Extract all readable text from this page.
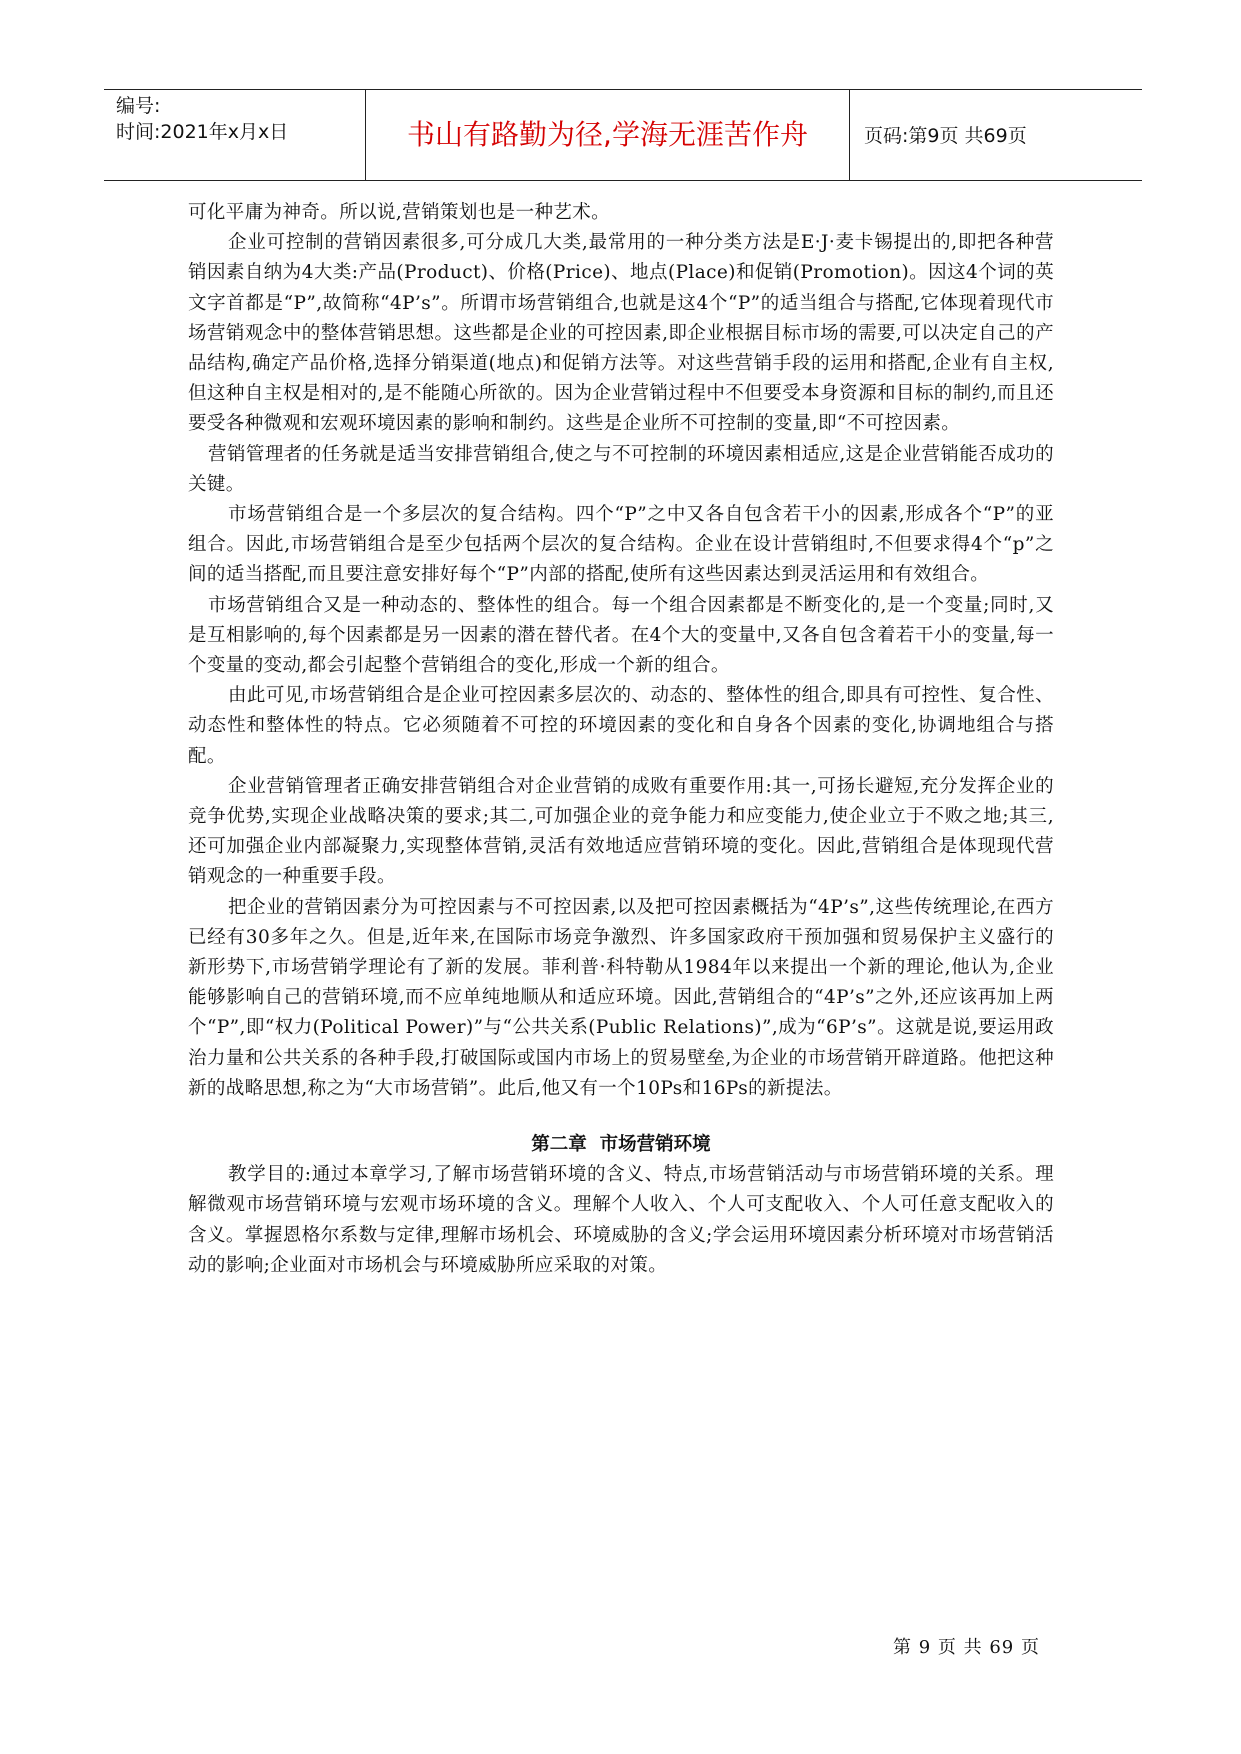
编号:
时间:2021年x月x日	书山有路勤为径,学海无涯苦作舟	页码:第9页 共69页

可化平庸为神奇。所以说,营销策划也是一种艺术。

企业可控制的营销因素很多,可分成几大类,最常用的一种分类方法是E·J·麦卡锡提出的,即把各种营销因素自纳为4大类:产品(Product)、价格(Price)、地点(Place)和促销(Promotion)。因这4个词的英文字首都是“P”,故简称“4P’s”。所谓市场营销组合,也就是这4个“P”的适当组合与搭配,它体现着现代市场营销观念中的整体营销思想。这些都是企业的可控因素,即企业根据目标市场的需要,可以决定自己的产品结构,确定产品价格,选择分销渠道(地点)和促销方法等。对这些营销手段的运用和搭配,企业有自主权,但这种自主权是相对的,是不能随心所欲的。因为企业营销过程中不但要受本身资源和目标的制约,而且还要受各种微观和宏观环境因素的影响和制约。这些是企业所不可控制的变量,即“不可控因素。

营销管理者的任务就是适当安排营销组合,使之与不可控制的环境因素相适应,这是企业营销能否成功的关键。

市场营销组合是一个多层次的复合结构。四个“P”之中又各自包含若干小的因素,形成各个“P”的亚组合。因此,市场营销组合是至少包括两个层次的复合结构。企业在设计营销组时,不但要求得4个“p”之间的适当搭配,而且要注意安排好每个“P”内部的搭配,使所有这些因素达到灵活运用和有效组合。

市场营销组合又是一种动态的、整体性的组合。每一个组合因素都是不断变化的,是一个变量;同时,又是互相影响的,每个因素都是另一因素的潜在替代者。在4个大的变量中,又各自包含着若干小的变量,每一个变量的变动,都会引起整个营销组合的变化,形成一个新的组合。

由此可见,市场营销组合是企业可控因素多层次的、动态的、整体性的组合,即具有可控性、复合性、动态性和整体性的特点。它必须随着不可控的环境因素的变化和自身各个因素的变化,协调地组合与搭配。

企业营销管理者正确安排营销组合对企业营销的成败有重要作用:其一,可扬长避短,充分发挥企业的竞争优势,实现企业战略决策的要求;其二,可加强企业的竞争能力和应变能力,使企业立于不败之地;其三,还可加强企业内部凝聚力,实现整体营销,灵活有效地适应营销环境的变化。因此,营销组合是体现现代营销观念的一种重要手段。

把企业的营销因素分为可控因素与不可控因素,以及把可控因素概括为“4P’s”,这些传统理论,在西方已经有30多年之久。但是,近年来,在国际市场竞争激烈、许多国家政府干预加强和贸易保护主义盛行的新形势下,市场营销学理论有了新的发展。菲利普·科特勒从1984年以来提出一个新的理论,他认为,企业能够影响自己的营销环境,而不应单纯地顺从和适应环境。因此,营销组合的“4P’s”之外,还应该再加上两个“P”,即“权力(Political Power)”与“公共关系(Public Relations)”,成为“6P’s”。这就是说,要运用政治力量和公共关系的各种手段,打破国际或国内市场上的贸易壁垒,为企业的市场营销开辟道路。他把这种新的战略思想,称之为“大市场营销”。此后,他又有一个10Ps和16Ps的新提法。

第二章  市场营销环境

教学目的:通过本章学习,了解市场营销环境的含义、特点,市场营销活动与市场营销环境的关系。理解微观市场营销环境与宏观市场环境的含义。理解个人收入、个人可支配收入、个人可任意支配收入的含义。掌握恩格尔系数与定律,理解市场机会、环境威胁的含义;学会运用环境因素分析环境对市场营销活动的影响;企业面对市场机会与环境威胁所应采取的对策。

第 9 页 共 69 页
